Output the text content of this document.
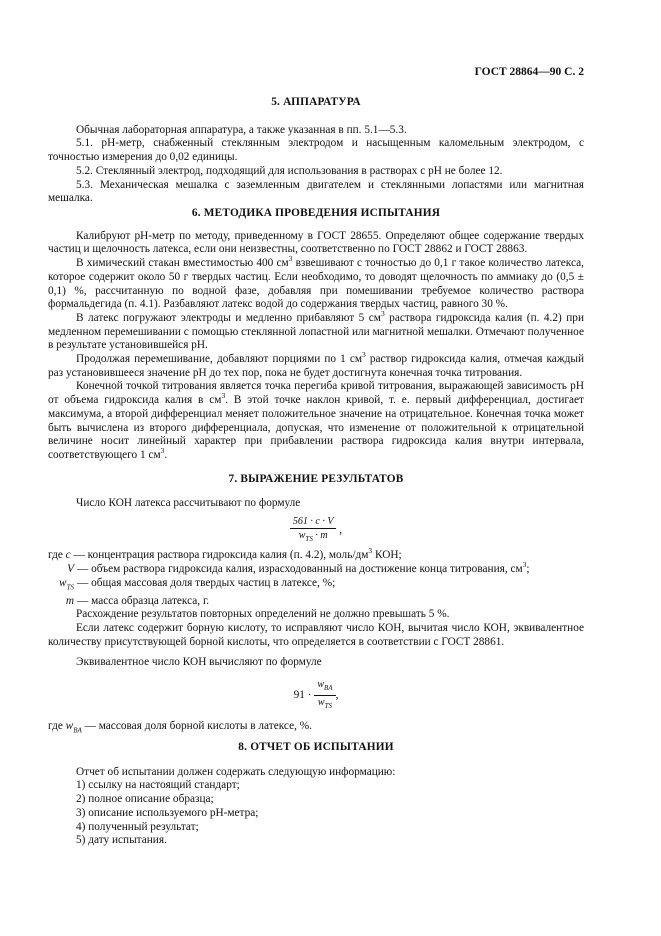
ГОСТ 28864—90 С. 2
5. АППАРАТУРА

Обычная лабораторная аппаратура, а также указанная в пп. 5.1—5.3.

5.1. pH-метр, снабженный стеклянным электродом и насыщенным каломельным электродом, с точностью измерения до 0,02 единицы.

5.2. Стеклянный электрод, подходящий для использования в растворах с pH не более 12.

5.3. Механическая мешалка с заземленным двигателем и стеклянными лопастями или магнитная мешалка.

6. МЕТОДИКА ПРОВЕДЕНИЯ ИСПЫТАНИЯ

Калибруют pH-метр по методу, приведенному в ГОСТ 28655. Определяют общее содержание твердых частиц и щелочность латекса, если они неизвестны, соответственно по ГОСТ 28862 и ГОСТ 28863.

В химический стакан вместимостью 400 $см^3$ взвешивают с точностью до 0,1 г такое количество латекса, которое содержит около 50 г твердых частиц. Если необходимо, то доводят щелочность по аммиаку до (0,5 ± 0,1) %, рассчитанную по водной фазе, добавляя при помешивании требуемое количество раствора формальдегида (п. 4.1). Разбавляют латекс водой до содержания твердых частиц, равного 30 %.

В латекс погружают электроды и медленно прибавляют 5 $см^3$ раствора гидроксида калия (п. 4.2) при медленном перемешивании с помощью стеклянной лопастной или магнитной мешалки. Отмечают полученное в результате установившейся pH.

Продолжая перемешивание, добавляют порциями по 1 $см^3$ раствор гидроксида калия, отмечая каждый раз установившееся значение pH до тех пор, пока не будет достигнута конечная точка титрования.

Конечной точкой титрования является точка перегиба кривой титрования, выражающей зависимость pH от объема гидроксида калия в $см^3$. В этой точке наклон кривой, т. е. первый дифференциал, достигает максимума, а второй дифференциал меняет положительное значение на отрицательное. Конечная точка может быть вычислена из второго дифференциала, допуская, что изменение от положительной к отрицательной величине носит линейный характер при прибавлении раствора гидроксида калия внутри интервала, соответствующего 1 $см^3$.

7. ВЫРАЖЕНИЕ РЕЗУЛЬТАТОВ

Число КОН латекса рассчитывают по формуле

$\frac{561 \cdot c \cdot V}{w_{TS} \cdot m}$ ,
где c — концентрация раствора гидроксида калия (п. 4.2), моль/$дм^3$ КОН;
V — объем раствора гидроксида калия, израсходованный на достижение конца титрования, $см^3$;
$w_{TS}$ — общая массовая доля твердых частиц в латексе, %;
m — масса образца латекса, г.

Расхождение результатов повторных определений не должно превышать 5 %.

Если латекс содержит борную кислоту, то исправляют число КОН, вычитая число КОН, эквивалентное количеству присутствующей борной кислоты, что определяется в соответствии с ГОСТ 28861.

Эквивалентное число КОН вычисляют по формуле

$91 \cdot \frac{w_{BA}}{w_{TS}}$ ,

где $w_{BA}$ — массовая доля борной кислоты в латексе, %.

8. ОТЧЕТ ОБ ИСПЫТАНИИ

Отчет об испытании должен содержать следующую информацию:

1) ссылку на настоящий стандарт;

2) полное описание образца;

3) описание используемого pH-метра;

4) полученный результат;

5) дату испытания.
